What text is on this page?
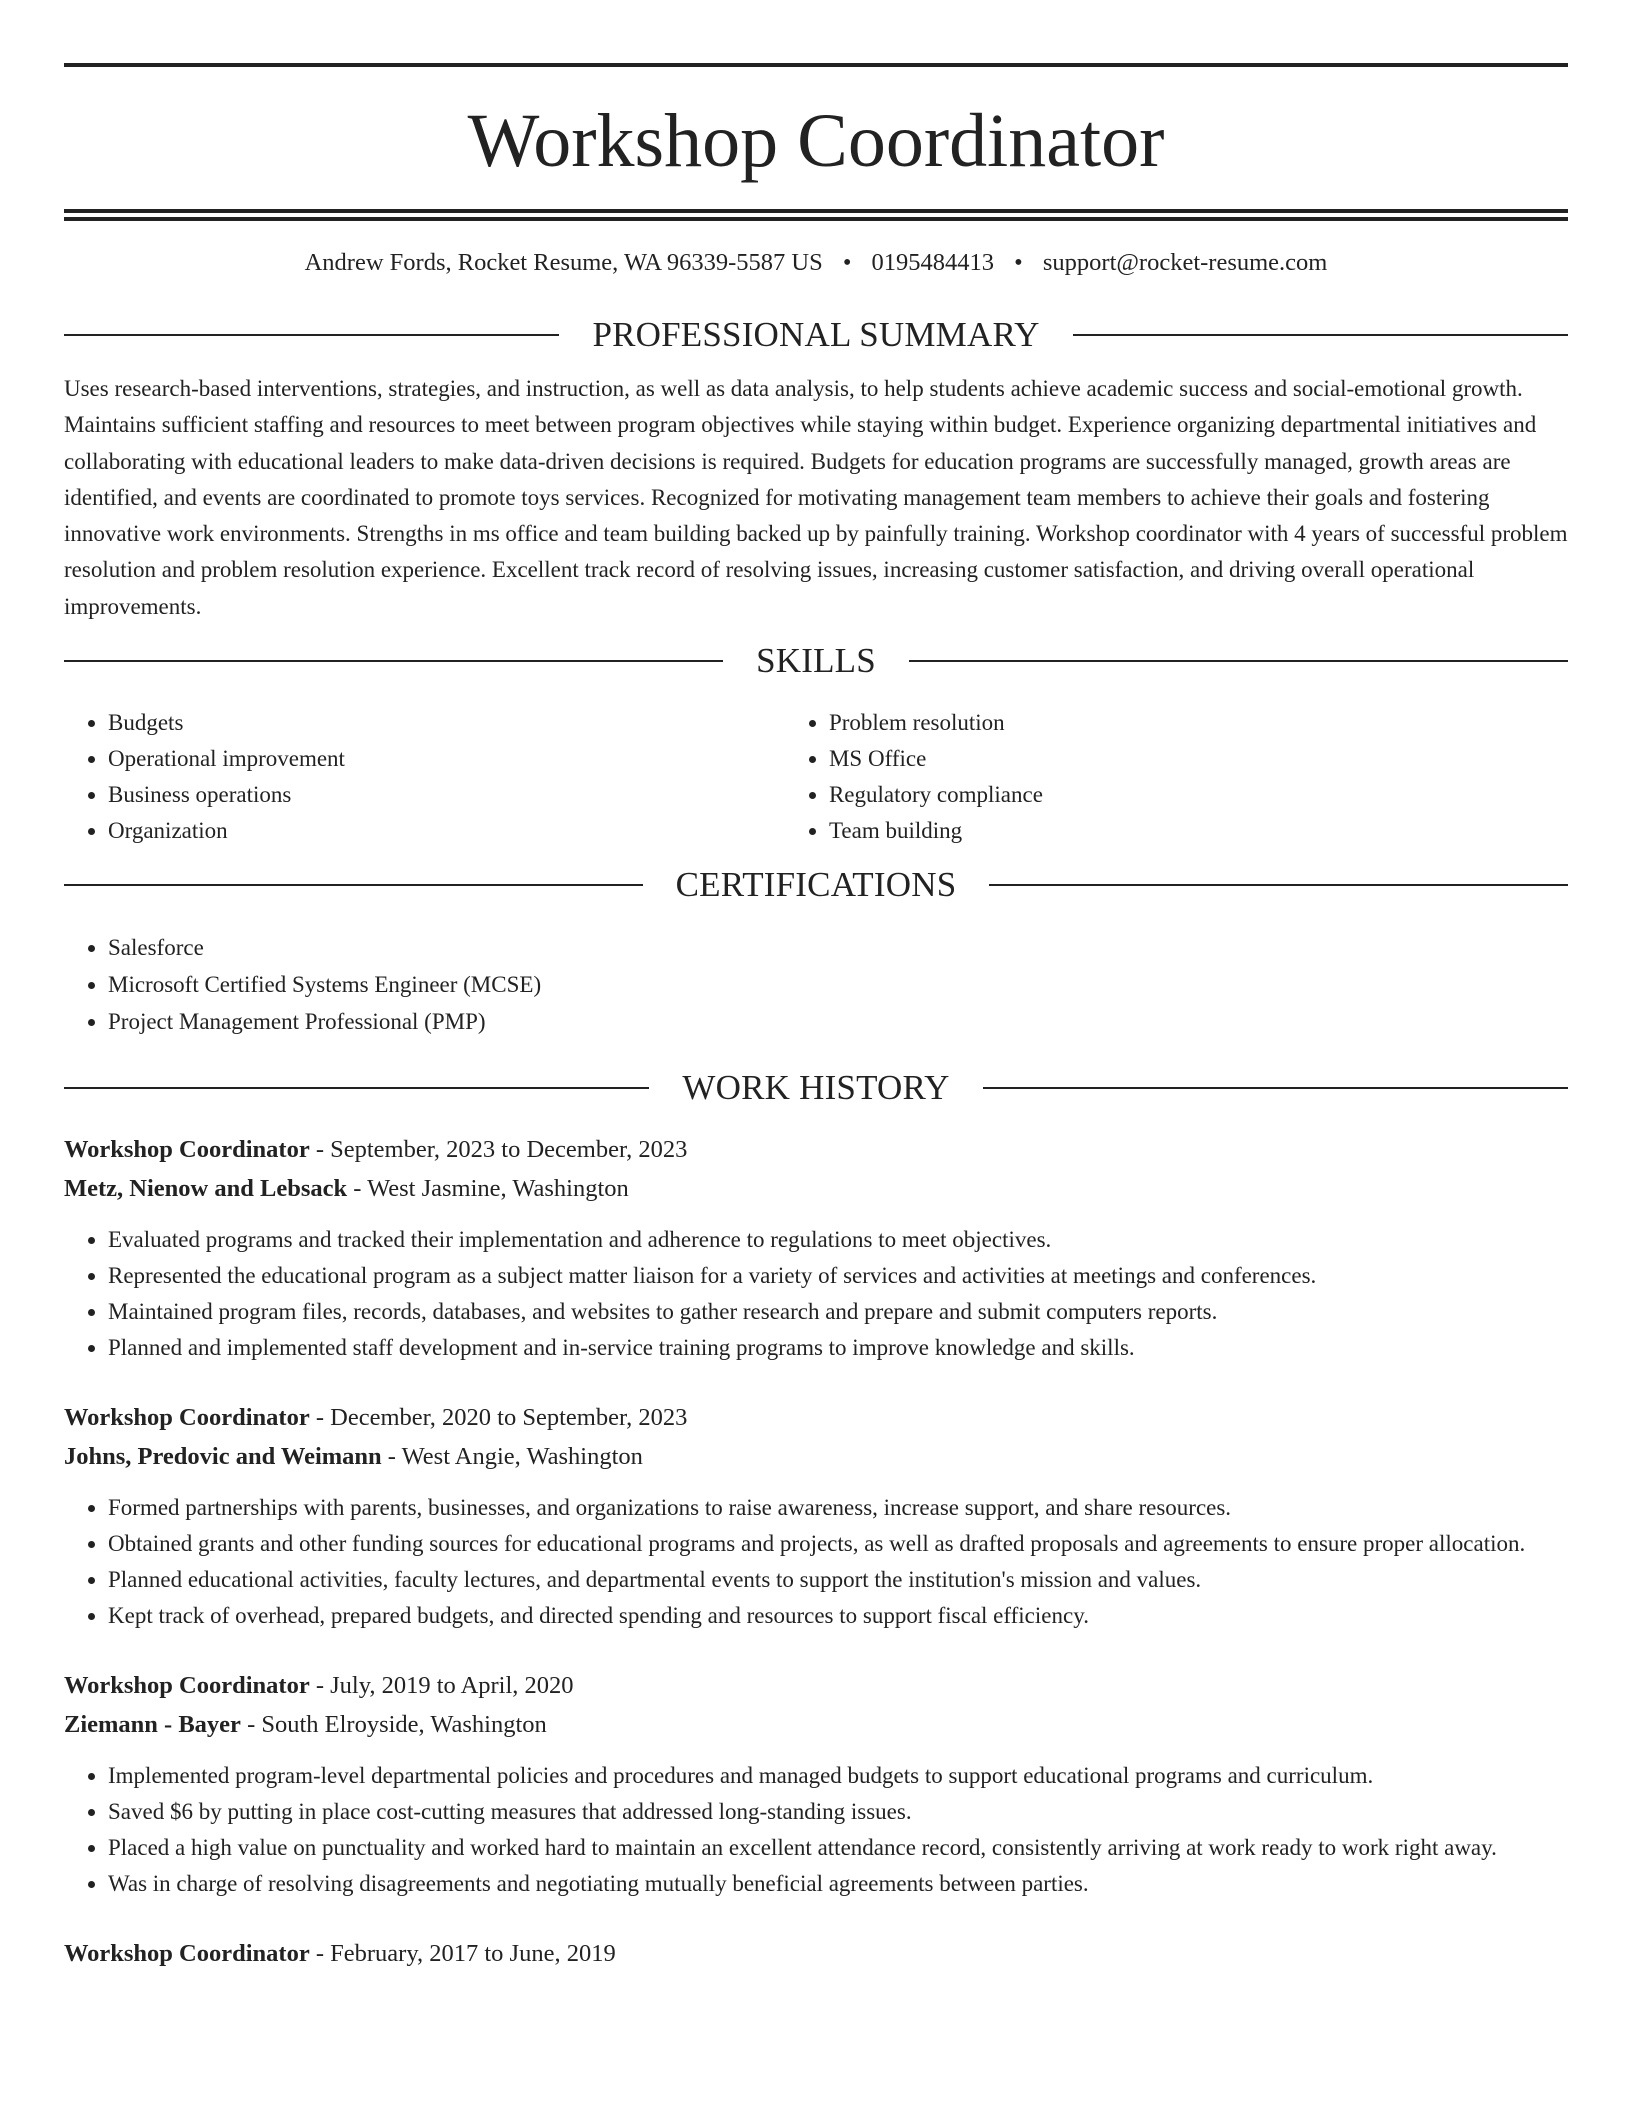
Workshop Coordinator
Andrew Fords, Rocket Resume, WA 96339-5587 US • 0195484413 • support@rocket-resume.com
PROFESSIONAL SUMMARY

Uses research-based interventions, strategies, and instruction, as well as data analysis, to help students achieve academic success and social-emotional growth. Maintains sufficient staffing and resources to meet between program objectives while staying within budget. Experience organizing departmental initiatives and collaborating with educational leaders to make data-driven decisions is required. Budgets for education programs are successfully managed, growth areas are identified, and events are coordinated to promote toys services. Recognized for motivating management team members to achieve their goals and fostering innovative work environments. Strengths in ms office and team building backed up by painfully training. Workshop coordinator with 4 years of successful problem resolution and problem resolution experience. Excellent track record of resolving issues, increasing customer satisfaction, and driving overall operational improvements.

SKILLS
• Budgets
• Operational improvement
• Business operations
• Organization
• Problem resolution
• MS Office
• Regulatory compliance
• Team building
CERTIFICATIONS
• Salesforce
• Microsoft Certified Systems Engineer (MCSE)
• Project Management Professional (PMP)
WORK HISTORY
Workshop Coordinator - September, 2023 to December, 2023
Metz, Nienow and Lebsack - West Jasmine, Washington
• Evaluated programs and tracked their implementation and adherence to regulations to meet objectives.
• Represented the educational program as a subject matter liaison for a variety of services and activities at meetings and conferences.
• Maintained program files, records, databases, and websites to gather research and prepare and submit computers reports.
• Planned and implemented staff development and in-service training programs to improve knowledge and skills.
Workshop Coordinator - December, 2020 to September, 2023
Johns, Predovic and Weimann - West Angie, Washington
• Formed partnerships with parents, businesses, and organizations to raise awareness, increase support, and share resources.
• Obtained grants and other funding sources for educational programs and projects, as well as drafted proposals and agreements to ensure proper allocation.
• Planned educational activities, faculty lectures, and departmental events to support the institution's mission and values.
• Kept track of overhead, prepared budgets, and directed spending and resources to support fiscal efficiency.
Workshop Coordinator - July, 2019 to April, 2020
Ziemann - Bayer - South Elroyside, Washington
• Implemented program-level departmental policies and procedures and managed budgets to support educational programs and curriculum.
• Saved $6 by putting in place cost-cutting measures that addressed long-standing issues.
• Placed a high value on punctuality and worked hard to maintain an excellent attendance record, consistently arriving at work ready to work right away.
• Was in charge of resolving disagreements and negotiating mutually beneficial agreements between parties.
Workshop Coordinator - February, 2017 to June, 2019
